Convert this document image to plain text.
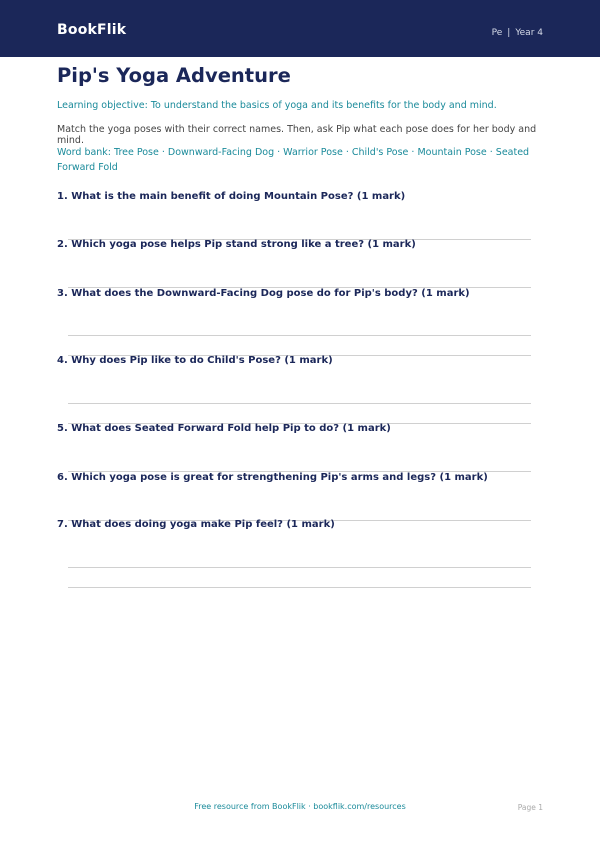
BookFlik	Pe | Year 4
Pip's Yoga Adventure
Learning objective: To understand the basics of yoga and its benefits for the body and mind.
Match the yoga poses with their correct names. Then, ask Pip what each pose does for her body and mind.
Word bank: Tree Pose · Downward-Facing Dog · Warrior Pose · Child's Pose · Mountain Pose · Seated Forward Fold
1. What is the main benefit of doing Mountain Pose? (1 mark)
2. Which yoga pose helps Pip stand strong like a tree? (1 mark)
3. What does the Downward-Facing Dog pose do for Pip's body? (1 mark)
4. Why does Pip like to do Child's Pose? (1 mark)
5. What does Seated Forward Fold help Pip to do? (1 mark)
6. Which yoga pose is great for strengthening Pip's arms and legs? (1 mark)
7. What does doing yoga make Pip feel? (1 mark)
Free resource from BookFlik · bookflik.com/resources	Page 1
